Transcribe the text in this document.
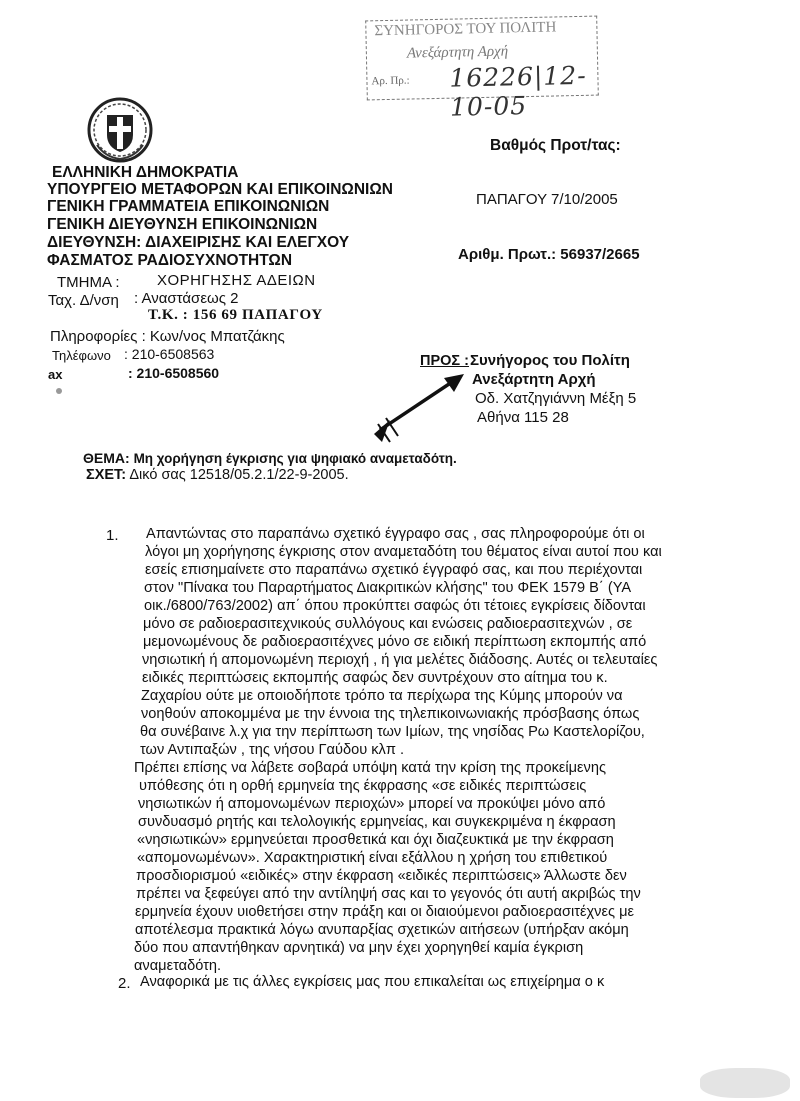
ΣΥΝΗΓΟΡΟΣ ΤΟΥ ΠΟΛΙΤΗ
Ανεξάρτητη Αρχή
Αρ. Πρ.: 16226|12-10-05
Βαθμός Προτ/τας:
ΕΛΛΗΝΙΚΗ ΔΗΜΟΚΡΑΤΙΑ
ΥΠΟΥΡΓΕΙΟ ΜΕΤΑΦΟΡΩΝ ΚΑΙ ΕΠΙΚΟΙΝΩΝΙΩΝ
ΓΕΝΙΚΗ ΓΡΑΜΜΑΤΕΙΑ ΕΠΙΚΟΙΝΩΝΙΩΝ
ΓΕΝΙΚΗ ΔΙΕΥΘΥΝΣΗ ΕΠΙΚΟΙΝΩΝΙΩΝ
ΔΙΕΥΘΥΝΣΗ: ΔΙΑΧΕΙΡΙΣΗΣ ΚΑΙ ΕΛΕΓΧΟΥ
ΦΑΣΜΑΤΟΣ ΡΑΔΙΟΣΥΧΝΟΤΗΤΩΝ
ΤΜΗΜΑ :	ΧΟΡΗΓΗΣΗΣ ΑΔΕΙΩΝ
Ταχ. Δ/νση : Αναστάσεως 2
Τ.Κ. : 156 69 ΠΑΠΑΓΟΥ
Πληροφορίες : Κων/νος Μπατζάκης
Τηλέφωνο : 210-6508563
ax	: 210-6508560
ΠΑΠΑΓΟΥ 7/10/2005
Αριθμ. Πρωτ.: 56937/2665
ΠΡΟΣ : Συνήγορος του Πολίτη
Ανεξάρτητη Αρχή
Οδ. Χατζηγιάννη Μέξη 5
Αθήνα 115 28
ΘΕΜΑ: Μη χορήγηση έγκρισης για ψηφιακό αναμεταδότη.
ΣΧΕΤ: Δικό σας 12518/05.2.1/22-9-2005.
1. Απαντώντας στο παραπάνω σχετικό έγγραφο σας , σας πληροφορούμε ότι οι
λόγοι μη χορήγησης έγκρισης στον αναμεταδότη του θέματος είναι αυτοί που και
εσείς επισημαίνετε στο παραπάνω σχετικό έγγραφό σας, και που περιέχονται
στον "Πίνακα του Παραρτήματος Διακριτικών κλήσης" του ΦΕΚ 1579 Β΄ (ΥΑ
οικ./6800/763/2002) απ΄ όπου προκύπτει σαφώς ότι τέτοιες εγκρίσεις δίδονται
μόνο σε ραδιοερασιτεχνικούς συλλόγους και ενώσεις ραδιοερασιτεχνών , σε
μεμονωμένους δε ραδιοερασιτέχνες μόνο σε ειδική περίπτωση εκπομπής από
νησιωτική ή απομονωμένη περιοχή , ή για μελέτες διάδοσης. Αυτές οι τελευταίες
ειδικές περιπτώσεις εκπομπής σαφώς δεν συντρέχουν στο αίτημα του κ.
Ζαχαρίου ούτε με οποιοδήποτε τρόπο τα περίχωρα της Κύμης μπορούν να
νοηθούν αποκομμένα με την έννοια της τηλεπικοινωνιακής πρόσβασης όπως
θα συνέβαινε λ.χ για την περίπτωση των Ιμίων, της νησίδας Ρω Καστελορίζου,
των Αντιπαξών , της νήσου Γαύδου κλπ .
Πρέπει επίσης να λάβετε σοβαρά υπόψη κατά την κρίση της προκείμενης
υπόθεσης ότι η ορθή ερμηνεία της έκφρασης «σε ειδικές περιπτώσεις
νησιωτικών ή απομονωμένων περιοχών» μπορεί να προκύψει μόνο από
συνδυασμό ρητής και τελολογικής ερμηνείας, και συγκεκριμένα η έκφραση
«νησιωτικών» ερμηνεύεται προσθετικά και όχι διαζευκτικά με την έκφραση
«απομονωμένων». Χαρακτηριστική είναι εξάλλου η χρήση του επιθετικού
προσδιορισμού «ειδικές» στην έκφραση «ειδικές περιπτώσεις» Άλλωστε δεν
πρέπει να ξεφεύγει από την αντίληψή σας και το γεγονός ότι αυτή ακριβώς την
ερμηνεία έχουν υιοθετήσει στην πράξη και οι διαιούμενοι ραδιοερασιτέχνες με
αποτέλεσμα πρακτικά λόγω ανυπαρξίας σχετικών αιτήσεων (υπήρξαν ακόμη
δύο που απαντήθηκαν αρνητικά) να μην έχει χορηγηθεί καμία έγκριση
αναμεταδότη.
2. Αναφορικά με τις άλλες εγκρίσεις μας που επικαλείται ως επιχείρημα ο κ
